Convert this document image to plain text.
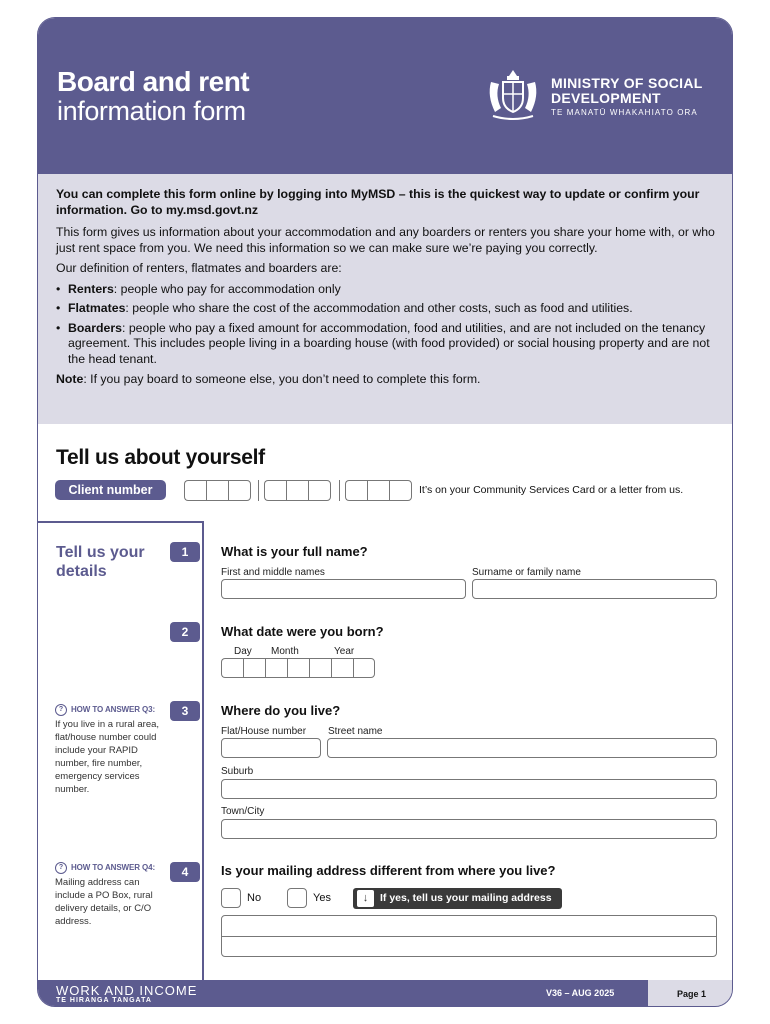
Board and rent
information form
MINISTRY OF SOCIAL
DEVELOPMENT
TE MANATŪ WHAKAHIATO ORA

You can complete this form online by logging into MyMSD – this is the quickest way to update or confirm your information. Go to my.msd.govt.nz

This form gives us information about your accommodation and any boarders or renters you share your home with, or who just rent space from you. We need this information so we can make sure we’re paying you correctly.

Our definition of renters, flatmates and boarders are:

• Renters: people who pay for accommodation only
• Flatmates: people who share the cost of the accommodation and other costs, such as food and utilities.
• Boarders: people who pay a fixed amount for accommodation, food and utilities, and are not included on the tenancy agreement. This includes people living in a boarding house (with food provided) or social housing property and are not the head tenant.

Note: If you pay board to someone else, you don’t need to complete this form.

Tell us about yourself
Client number	It’s on your Community Services Card or a letter from us.
Tell us your
details
1	What is your full name?
First and middle names	Surname or family name
2	What date were you born?
Day Month	Year
? HOW TO ANSWER Q3:
If you live in a rural area, flat/house number could include your RAPID number, fire number, emergency services number.
3	Where do you live?
Flat/House number Street name
Suburb
Town/City
? HOW TO ANSWER Q4:
Mailing address can include a PO Box, rural delivery details, or C/O address.
4	Is your mailing address different from where you live?
No	Yes	↓ If yes, tell us your mailing address
WORK AND INCOME
TE HIRANGA TANGATA
V36 – AUG 2025	Page 1
